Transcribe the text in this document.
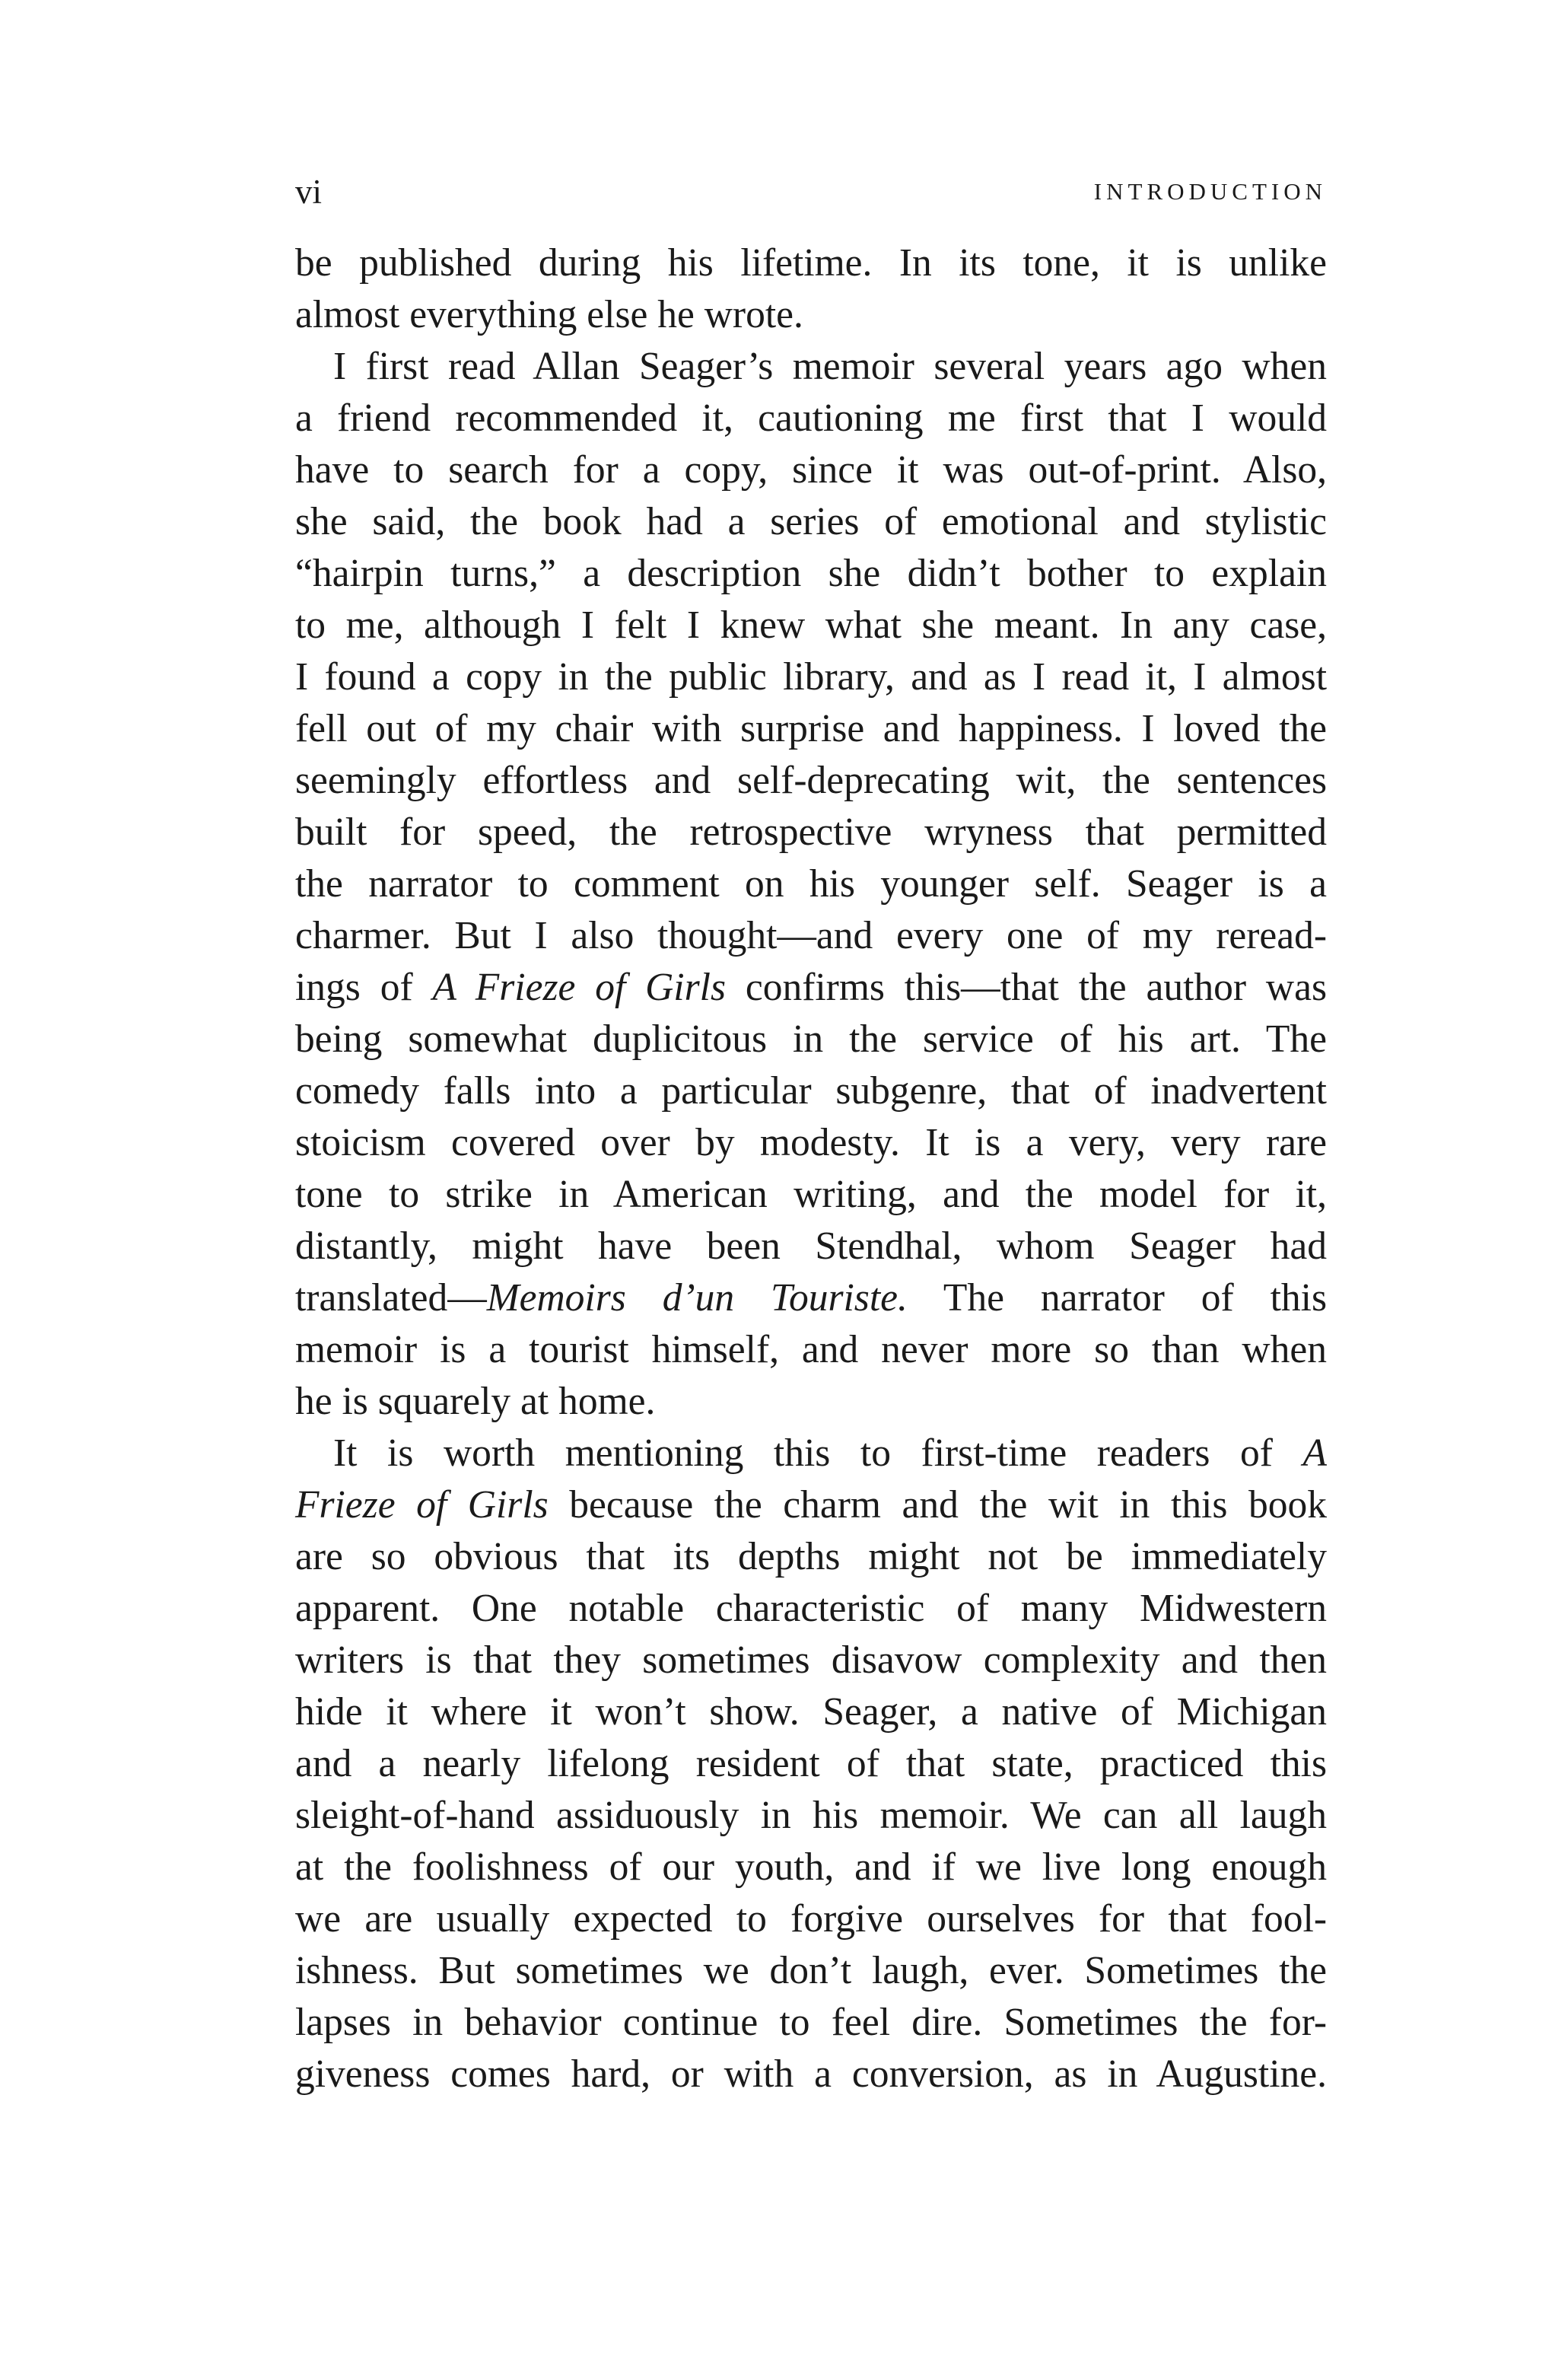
vi	INTRODUCTION
be published during his lifetime. In its tone, it is unlike
almost everything else he wrote.
I first read Allan Seager’s memoir several years ago when
a friend recommended it, cautioning me first that I would
have to search for a copy, since it was out-of-print. Also,
she said, the book had a series of emotional and stylistic
“hairpin turns,” a description she didn’t bother to explain
to me, although I felt I knew what she meant. In any case,
I found a copy in the public library, and as I read it, I almost
fell out of my chair with surprise and happiness. I loved the
seemingly effortless and self-deprecating wit, the sentences
built for speed, the retrospective wryness that permitted
the narrator to comment on his younger self. Seager is a
charmer. But I also thought—and every one of my reread-
ings of A Frieze of Girls confirms this—that the author was
being somewhat duplicitous in the service of his art. The
comedy falls into a particular subgenre, that of inadvertent
stoicism covered over by modesty. It is a very, very rare
tone to strike in American writing, and the model for it,
distantly, might have been Stendhal, whom Seager had
translated—Memoirs d’un Touriste. The narrator of this
memoir is a tourist himself, and never more so than when
he is squarely at home.
It is worth mentioning this to first-time readers of A
Frieze of Girls because the charm and the wit in this book
are so obvious that its depths might not be immediately
apparent. One notable characteristic of many Midwestern
writers is that they sometimes disavow complexity and then
hide it where it won’t show. Seager, a native of Michigan
and a nearly lifelong resident of that state, practiced this
sleight-of-hand assiduously in his memoir. We can all laugh
at the foolishness of our youth, and if we live long enough
we are usually expected to forgive ourselves for that fool-
ishness. But sometimes we don’t laugh, ever. Sometimes the
lapses in behavior continue to feel dire. Sometimes the for-
giveness comes hard, or with a conversion, as in Augustine.
